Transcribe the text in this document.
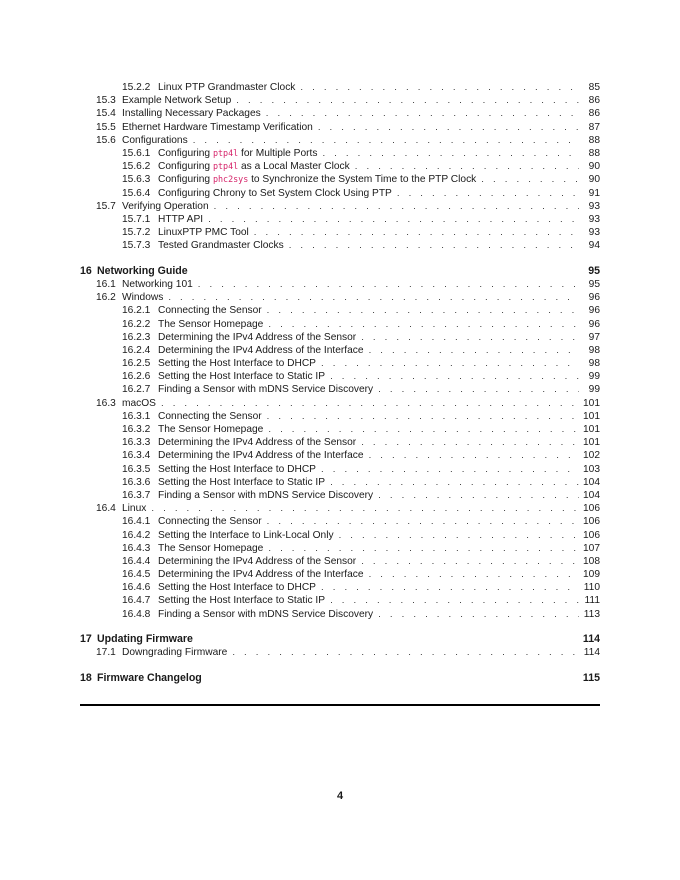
15.2.2 Linux PTP Grandmaster Clock . . .	85
15.3 Example Network Setup . . .	86
15.4 Installing Necessary Packages . . .	86
15.5 Ethernet Hardware Timestamp Verification . . .	87
15.6 Configurations . . .	88
15.6.1 Configuring ptp4l for Multiple Ports . . .	88
15.6.2 Configuring ptp4l as a Local Master Clock . . .	90
15.6.3 Configuring phc2sys to Synchronize the System Time to the PTP Clock . . .	90
15.6.4 Configuring Chrony to Set System Clock Using PTP . . .	91
15.7 Verifying Operation . . .	93
15.7.1 HTTP API . . .	93
15.7.2 LinuxPTP PMC Tool . . .	93
15.7.3 Tested Grandmaster Clocks . . .	94
16 Networking Guide	95
16.1 Networking 101 . . .	95
16.2 Windows . . .	96
16.2.1 Connecting the Sensor . . .	96
16.2.2 The Sensor Homepage . . .	96
16.2.3 Determining the IPv4 Address of the Sensor . . .	97
16.2.4 Determining the IPv4 Address of the Interface . . .	98
16.2.5 Setting the Host Interface to DHCP . . .	98
16.2.6 Setting the Host Interface to Static IP . . .	99
16.2.7 Finding a Sensor with mDNS Service Discovery . . .	99
16.3 macOS . . .	101
16.3.1 Connecting the Sensor . . .	101
16.3.2 The Sensor Homepage . . .	101
16.3.3 Determining the IPv4 Address of the Sensor . . .	101
16.3.4 Determining the IPv4 Address of the Interface . . .	102
16.3.5 Setting the Host Interface to DHCP . . .	103
16.3.6 Setting the Host Interface to Static IP . . .	104
16.3.7 Finding a Sensor with mDNS Service Discovery . . .	104
16.4 Linux . . .	106
16.4.1 Connecting the Sensor . . .	106
16.4.2 Setting the Interface to Link-Local Only . . .	106
16.4.3 The Sensor Homepage . . .	107
16.4.4 Determining the IPv4 Address of the Sensor . . .	108
16.4.5 Determining the IPv4 Address of the Interface . . .	109
16.4.6 Setting the Host Interface to DHCP . . .	110
16.4.7 Setting the Host Interface to Static IP . . .	111
16.4.8 Finding a Sensor with mDNS Service Discovery . . .	113
17 Updating Firmware	114
17.1 Downgrading Firmware . . .	114
18 Firmware Changelog	115
4
